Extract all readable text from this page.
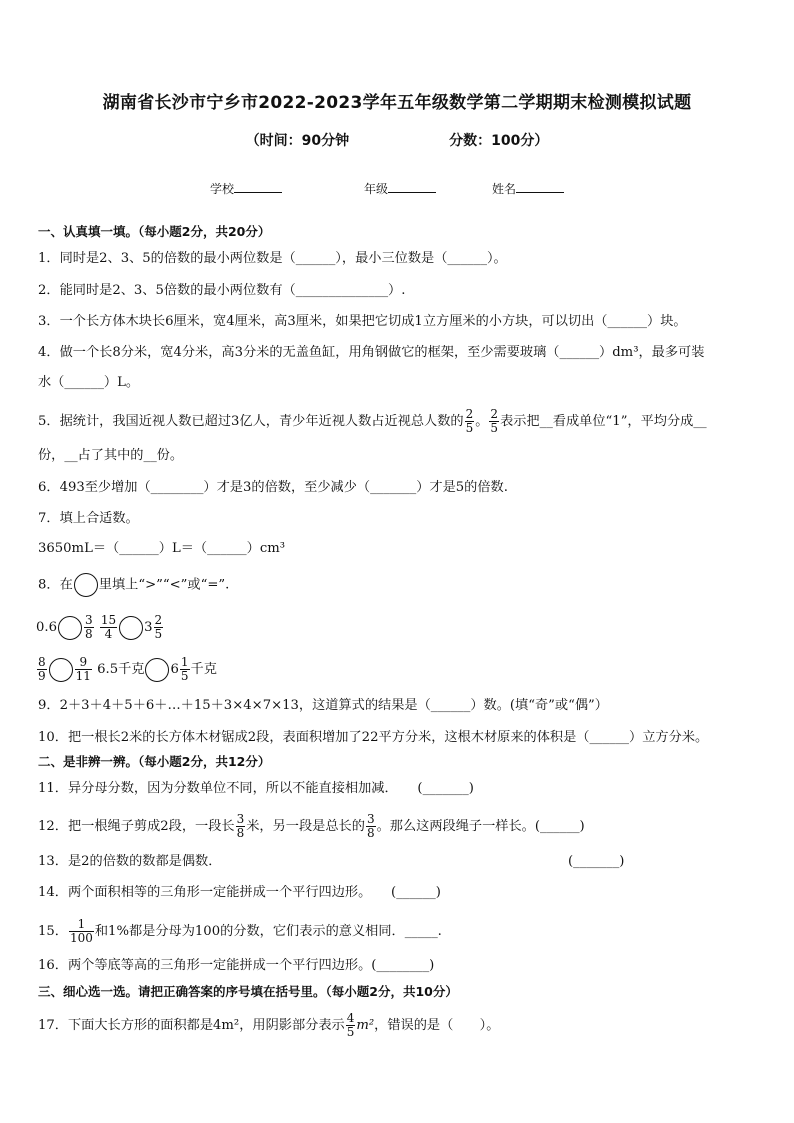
湖南省长沙市宁乡市2022-2023学年五年级数学第二学期期末检测模拟试题
（时间：90分钟	分数：100分）
学校	年级	姓名
一、认真填一填。（每小题2分，共20分）
1．同时是2、3、5的倍数的最小两位数是（______），最小三位数是（______）。
2．能同时是2、3、5倍数的最小两位数有（______________）.
3．一个长方体木块长6厘米，宽4厘米，高3厘米，如果把它切成1立方厘米的小方块，可以切出（______）块。
4．做一个长8分米，宽4分米，高3分米的无盖鱼缸，用角钢做它的框架，至少需要玻璃（______）dm³，最多可装
水（______）L。
5．据统计，我国近视人数已超过3亿人，青少年近视人数占近视总人数的 $\frac{2}{5}$ 。 $\frac{2}{5}$ 表示把__看成单位“1”，平均分成__
份，__占了其中的__份。
6．493至少增加（________）才是3的倍数，至少减少（_______）才是5的倍数.
7．填上合适数。
3650mL＝（______）L＝（______）cm³
8．在 里填上“>”“<”或“=”.
$0.6 \frac{3}{8}$
$\frac{15}{4} 3 \frac{2}{5}$
$\frac{8}{9} \frac{9}{11} 6.5$千克 $6 \frac{1}{5}$ 千克
9．2＋3＋4＋5＋6＋…＋15＋3×4×7×13，这道算式的结果是（______）数。(填“奇”或“偶”）
10．把一根长2米的长方体木材锯成2段，表面积增加了22平方分米，这根木材原来的体积是（______）立方分米。
二、是非辨一辨。（每小题2分，共12分）
11．异分母分数，因为分数单位不同，所以不能直接相加减．　　(_______)
12．把一根绳子剪成2段，一段长 $\frac{3}{8}$ 米，另一段是总长的 $\frac{3}{8}$ 。那么这两段绳子一样长。(______)
13．是2的倍数的数都是偶数．	(_______)
14．两个面积相等的三角形一定能拼成一个平行四边形。　　(______)
15． $\frac{1}{100}$ 和1%都是分母为100的分数，它们表示的意义相同．_____.
16．两个等底等高的三角形一定能拼成一个平行四边形。(________)
三、细心选一选。请把正确答案的序号填在括号里。（每小题2分，共10分）
17．下面大长方形的面积都是4m²，用阴影部分表示 $\frac{4}{5} m^2$，错误的是（　　）。
